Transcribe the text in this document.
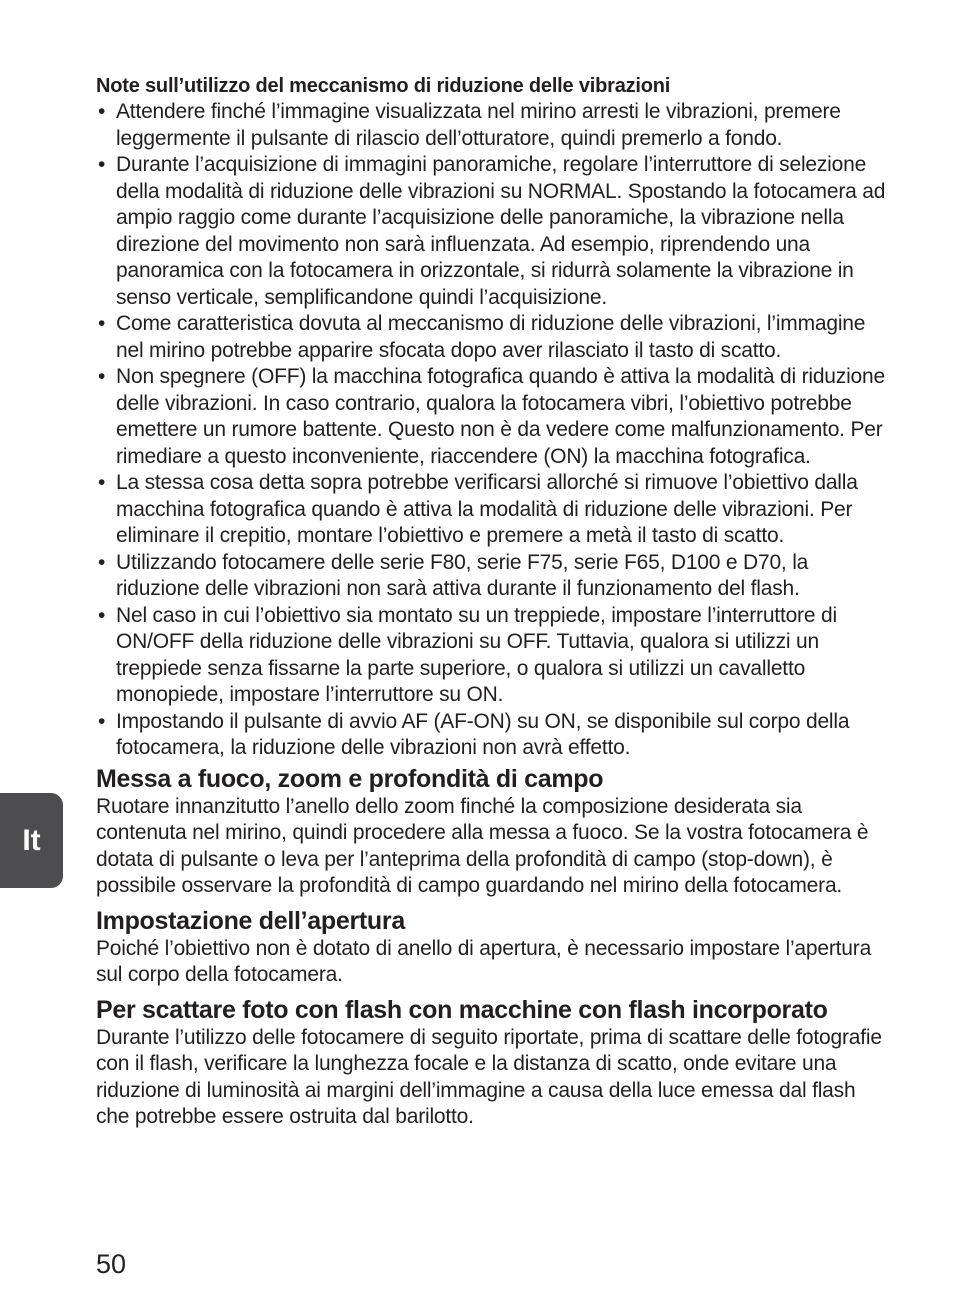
Note sull’utilizzo del meccanismo di riduzione delle vibrazioni

• Attendere finché l’immagine visualizzata nel mirino arresti le vibrazioni, premere leggermente il pulsante di rilascio dell’otturatore, quindi premerlo a fondo.
• Durante l’acquisizione di immagini panoramiche, regolare l’interruttore di selezione della modalità di riduzione delle vibrazioni su NORMAL. Spostando la fotocamera ad ampio raggio come durante l’acquisizione delle panoramiche, la vibrazione nella direzione del movimento non sarà influenzata. Ad esempio, riprendendo una panoramica con la fotocamera in orizzontale, si ridurrà solamente la vibrazione in senso verticale, semplificandone quindi l’acquisizione.
• Come caratteristica dovuta al meccanismo di riduzione delle vibrazioni, l’immagine nel mirino potrebbe apparire sfocata dopo aver rilasciato il tasto di scatto.
• Non spegnere (OFF) la macchina fotografica quando è attiva la modalità di riduzione delle vibrazioni. In caso contrario, qualora la fotocamera vibri, l’obiettivo potrebbe emettere un rumore battente. Questo non è da vedere come malfunzionamento. Per rimediare a questo inconveniente, riaccendere (ON) la macchina fotografica.
• La stessa cosa detta sopra potrebbe verificarsi allorché si rimuove l’obiettivo dalla macchina fotografica quando è attiva la modalità di riduzione delle vibrazioni. Per eliminare il crepitio, montare l’obiettivo e premere a metà il tasto di scatto.
• Utilizzando fotocamere delle serie F80, serie F75, serie F65, D100 e D70, la riduzione delle vibrazioni non sarà attiva durante il funzionamento del flash.
• Nel caso in cui l’obiettivo sia montato su un treppiede, impostare l’interruttore di ON/OFF della riduzione delle vibrazioni su OFF. Tuttavia, qualora si utilizzi un treppiede senza fissarne la parte superiore, o qualora si utilizzi un cavalletto monopiede, impostare l’interruttore su ON.
• Impostando il pulsante di avvio AF (AF-ON) su ON, se disponibile sul corpo della fotocamera, la riduzione delle vibrazioni non avrà effetto.
Messa a fuoco, zoom e profondità di campo

Ruotare innanzitutto l’anello dello zoom finché la composizione desiderata sia contenuta nel mirino, quindi procedere alla messa a fuoco. Se la vostra fotocamera è dotata di pulsante o leva per l’anteprima della profondità di campo (stop-down), è possibile osservare la profondità di campo guardando nel mirino della fotocamera.

Impostazione dell’apertura

Poiché l’obiettivo non è dotato di anello di apertura, è necessario impostare l’apertura sul corpo della fotocamera.

Per scattare foto con flash con macchine con flash incorporato

Durante l’utilizzo delle fotocamere di seguito riportate, prima di scattare delle fotografie con il flash, verificare la lunghezza focale e la distanza di scatto, onde evitare una riduzione di luminosità ai margini dell’immagine a causa della luce emessa dal flash che potrebbe essere ostruita dal barilotto.

It
50
